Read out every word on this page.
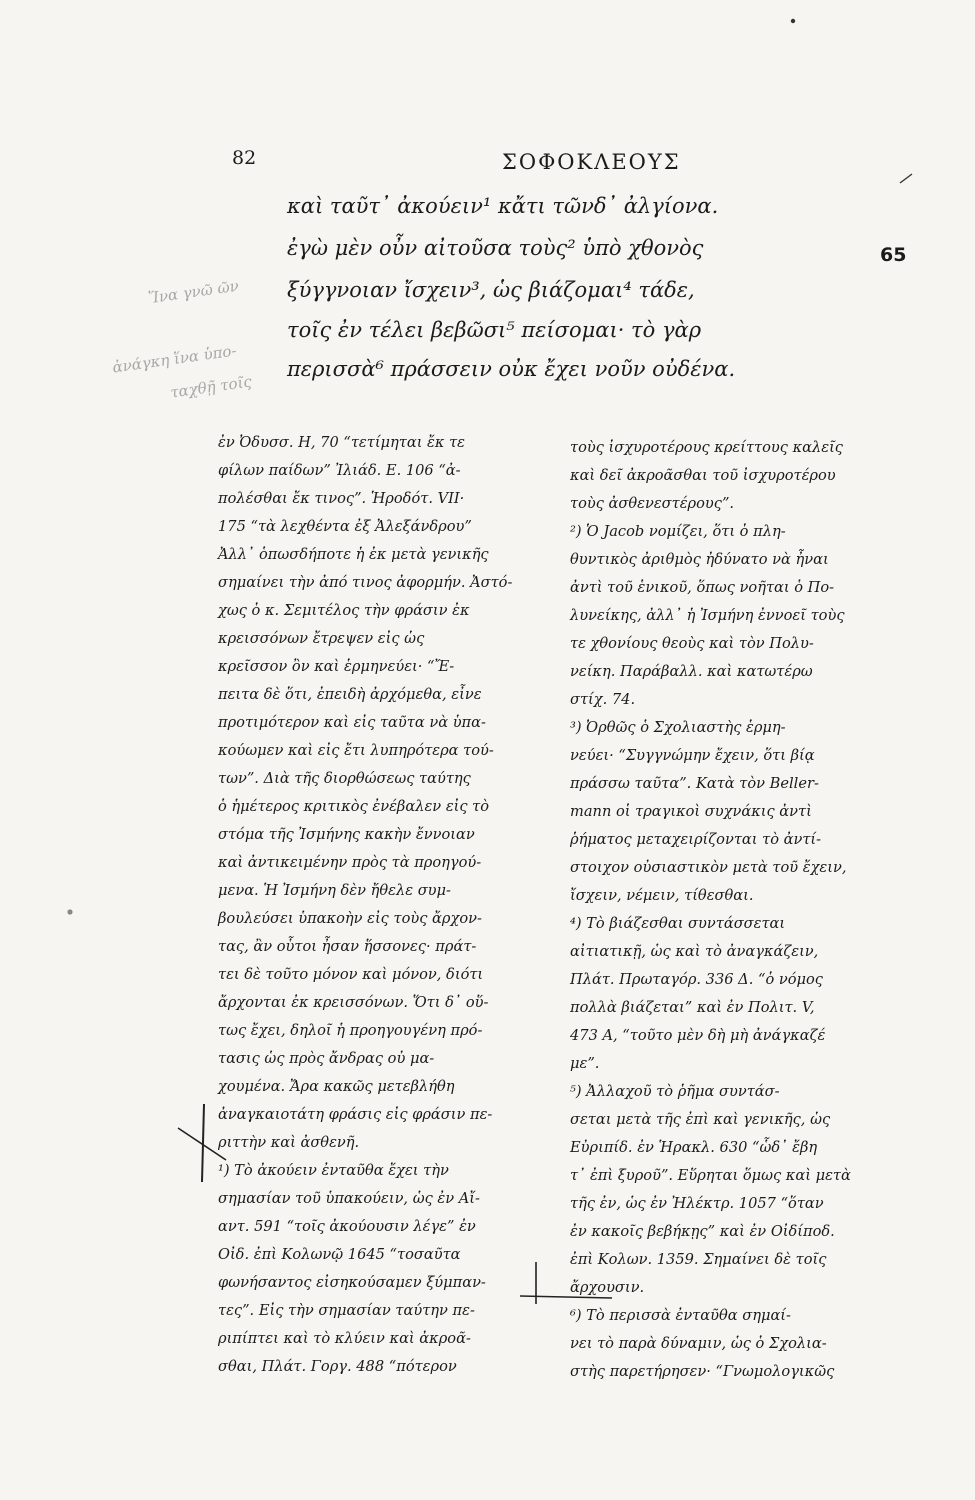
82	ΣΟΦΟΚΛΕΟΥΣ
65
καὶ ταῦτ᾽ ἀκούειν¹ κἄτι τῶνδ᾽ ἀλγίονα.
ἐγὼ μὲν οὖν αἰτοῦσα τοὺς² ὑπὸ χθονὸς
ξύγγνοιαν ἴσχειν³, ὡς βιάζομαι⁴ τάδε,
τοῖς ἐν τέλει βεβῶσι⁵ πείσομαι· τὸ γὰρ
περισσὰ⁶ πράσσειν οὐκ ἔχει νοῦν οὐδένα.
Ἵνα γνῶ ῶν
ἀνάγκη ἵνα ὑπο-
ταχθῇ τοῖς
ἐν Ὀδυσσ. Η, 70 “τετίμηται ἔκ τε
φίλων παίδων” Ἰλιάδ. Ε. 106 “ἀ-
πολέσθαι ἔκ τινος”. Ἡροδότ. VII·
175 “τὰ λεχθέντα ἐξ Ἀλεξάνδρου”
Ἀλλ᾽ ὁπωσδήποτε ἡ ἐκ μετὰ γενικῆς
σημαίνει τὴν ἀπό τινος ἀφορμήν. Ἀστό-
χως ὁ κ. Σεμιτέλος τὴν φράσιν ἐκ
κρεισσόνων ἔτρεψεν εἰς ὡς
κρεῖσσον ὂν καὶ ἑρμηνεύει· “Ἔ-
πειτα δὲ ὅτι, ἐπειδὴ ἀρχόμεθα, εἶνε
προτιμότερον καὶ εἰς ταῦτα νὰ ὑπα-
κούωμεν καὶ εἰς ἔτι λυπηρότερα τού-
των”. Διὰ τῆς διορθώσεως ταύτης
ὁ ἡμέτερος κριτικὸς ἐνέβαλεν εἰς τὸ
στόμα τῆς Ἰσμήνης κακὴν ἔννοιαν
καὶ ἀντικειμένην πρὸς τὰ προηγού-
μενα. Ἡ Ἰσμήνη δὲν ἤθελε συμ-
βουλεύσει ὑπακοὴν εἰς τοὺς ἄρχον-
τας, ἂν οὗτοι ἦσαν ἥσσονες· πράτ-
τει δὲ τοῦτο μόνον καὶ μόνον, διότι
ἄρχονται ἐκ κρεισσόνων. Ὅτι δ᾽ οὕ-
τως ἔχει, δηλοῖ ἡ προηγουγένη πρό-
τασις ὡς πρὸς ἄνδρας οὐ μα-
χουμένα. Ἄρα κακῶς μετεβλήθη
ἀναγκαιοτάτη φράσις εἰς φράσιν πε-
ριττὴν καὶ ἀσθενῆ.
¹) Τὸ ἀκούειν ἐνταῦθα ἔχει τὴν
σημασίαν τοῦ ὑπακούειν, ὡς ἐν Αἴ-
αντ. 591 “τοῖς ἀκούουσιν λέγε” ἐν
Οἰδ. ἐπὶ Κολωνῷ 1645 “τοσαῦτα
φωνήσαντος εἰσηκούσαμεν ξύμπαν-
τες”. Εἰς τὴν σημασίαν ταύτην πε-
ριπίπτει καὶ τὸ κλύειν καὶ ἀκροᾶ-
σθαι, Πλάτ. Γοργ. 488 “πότερον
τοὺς ἰσχυροτέρους κρείττους καλεῖς
καὶ δεῖ ἀκροᾶσθαι τοῦ ἰσχυροτέρου
τοὺς ἀσθενεστέρους”.
²) Ὁ Jacob νομίζει, ὅτι ὁ πλη-
θυντικὸς ἀριθμὸς ἠδύνατο νὰ ἦναι
ἀντὶ τοῦ ἑνικοῦ, ὅπως νοῆται ὁ Πο-
λυνείκης, ἀλλ᾽ ἡ Ἰσμήνη ἐννοεῖ τοὺς
τε χθονίους θεοὺς καὶ τὸν Πολυ-
νείκη. Παράβαλλ. καὶ κατωτέρω
στίχ. 74.
³) Ὀρθῶς ὁ Σχολιαστὴς ἑρμη-
νεύει· “Συγγνώμην ἔχειν, ὅτι βίᾳ
πράσσω ταῦτα”. Κατὰ τὸν Beller-
mann οἱ τραγικοὶ συχνάκις ἀντὶ
ῥήματος μεταχειρίζονται τὸ ἀντί-
στοιχον οὐσιαστικὸν μετὰ τοῦ ἔχειν,
ἴσχειν, νέμειν, τίθεσθαι.
⁴) Τὸ βιάζεσθαι συντάσσεται
αἰτιατικῇ, ὡς καὶ τὸ ἀναγκάζειν,
Πλάτ. Πρωταγόρ. 336 Δ. “ὁ νόμος
πολλὰ βιάζεται” καὶ ἐν Πολιτ. V,
473 Α, “τοῦτο μὲν δὴ μὴ ἀνάγκαζέ
με”.
⁵) Ἀλλαχοῦ τὸ ῥῆμα συντάσ-
σεται μετὰ τῆς ἐπὶ καὶ γενικῆς, ὡς
Εὐριπίδ. ἐν Ἡρακλ. 630 “ὧδ᾽ ἔβη
τ᾽ ἐπὶ ξυροῦ”. Εὕρηται ὅμως καὶ μετὰ
τῆς ἐν, ὡς ἐν Ἠλέκτρ. 1057 “ὅταν
ἐν κακοῖς βεβήκῃς” καὶ ἐν Οἰδίποδ.
ἐπὶ Κολων. 1359. Σημαίνει δὲ τοῖς
ἄρχουσιν.
⁶) Τὸ περισσὰ ἐνταῦθα σημαί-
νει τὸ παρὰ δύναμιν, ὡς ὁ Σχολια-
στὴς παρετήρησεν· “Γνωμολογικῶς
